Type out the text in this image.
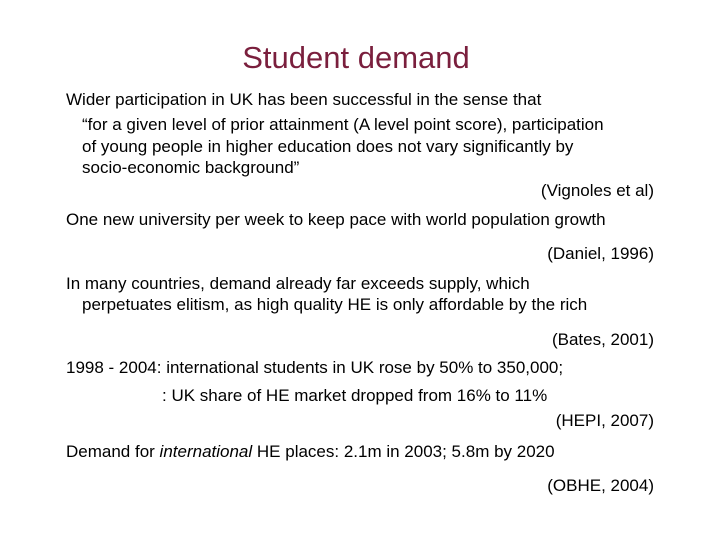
Student demand

Wider participation in UK has been successful in the sense that

“for a given level of prior attainment (A level point score), participation

of young people in higher education does not vary significantly by

socio-economic background”

(Vignoles et al)

One new university per week to keep pace with world population growth

(Daniel, 1996)

In many countries, demand already far exceeds supply, which

perpetuates elitism, as high quality HE is only affordable by the rich

(Bates, 2001)

1998 - 2004: international students in UK rose by 50% to 350,000;

: UK share of HE market dropped from 16% to 11%

(HEPI, 2007)

Demand for international HE places: 2.1m in 2003; 5.8m by 2020

(OBHE, 2004)
